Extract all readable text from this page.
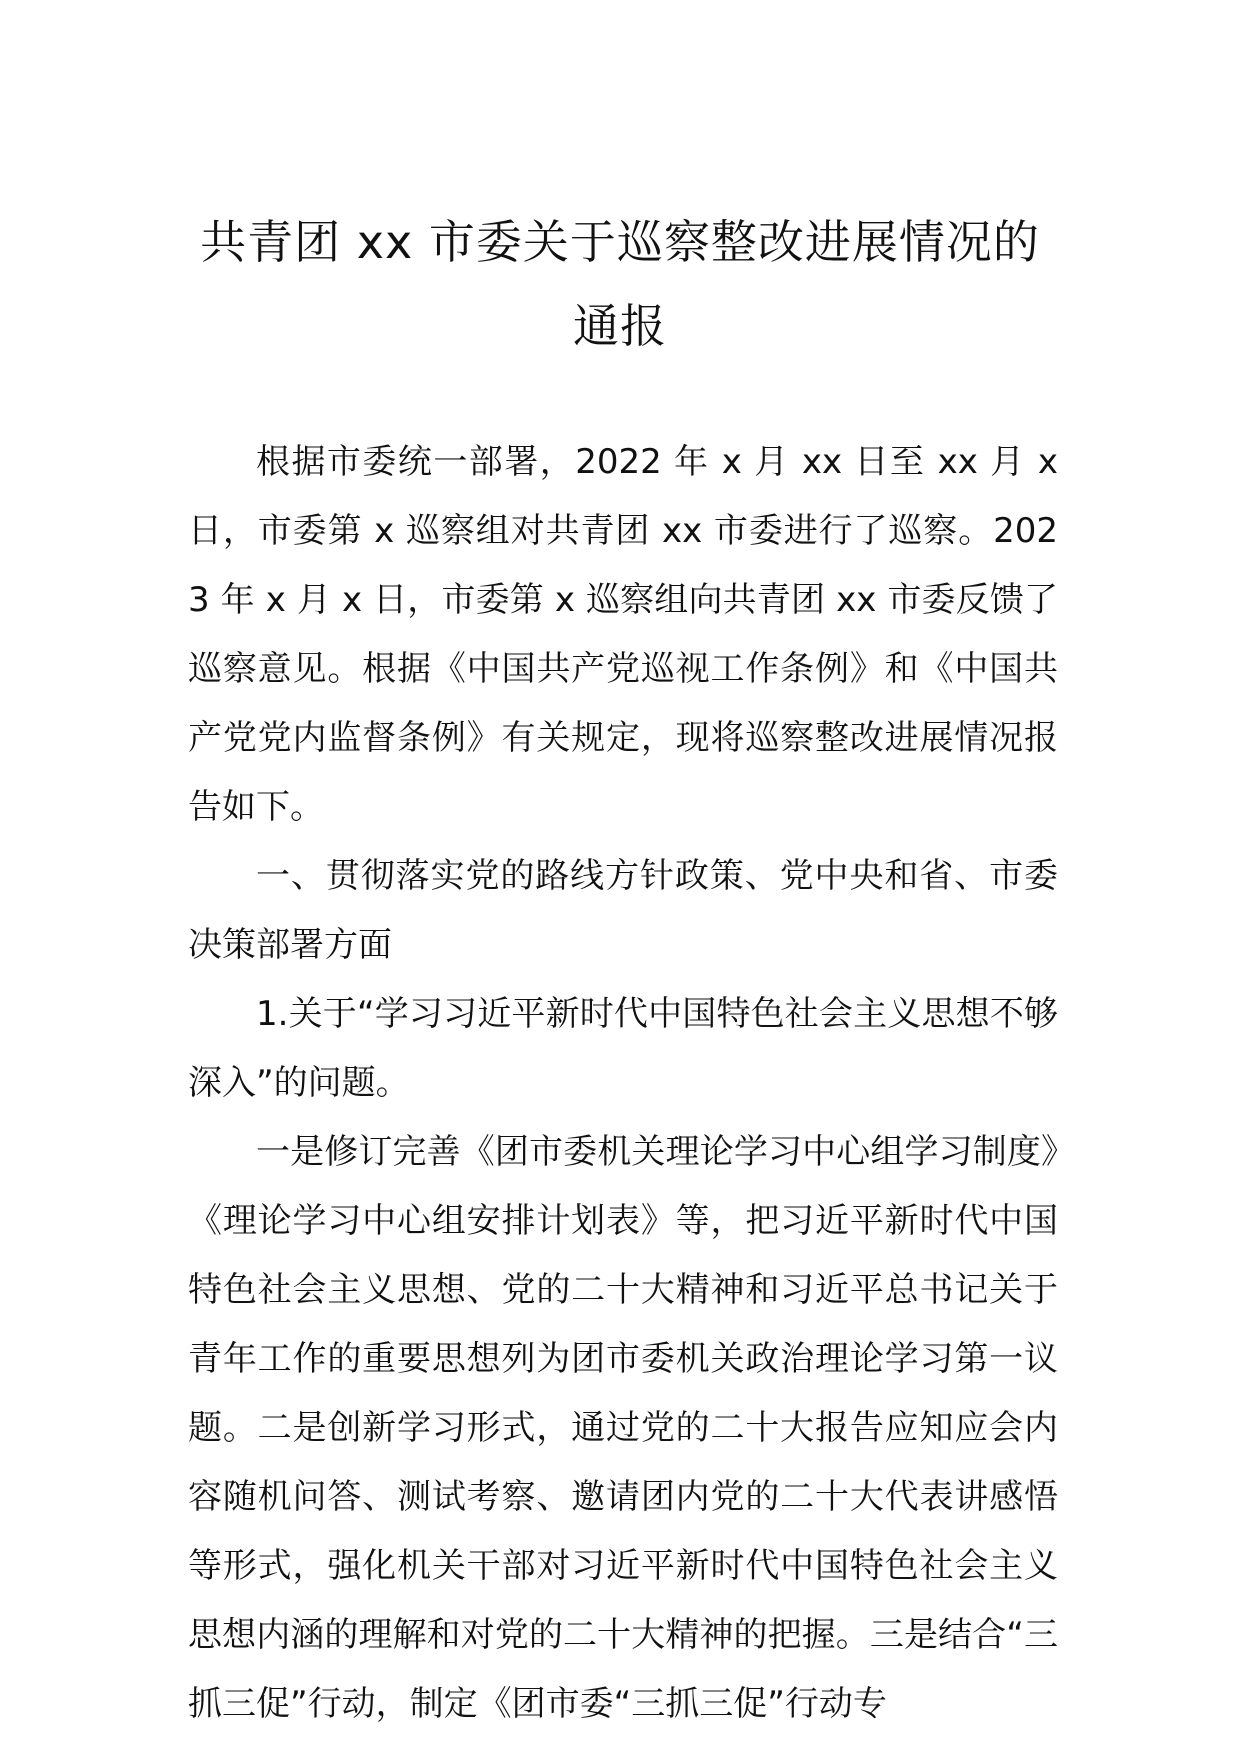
共青团 xx 市委关于巡察整改进展情况的通报

根据市委统一部署，2022 年 x 月 xx 日至 xx 月 x 日，市委第 x 巡察组对共青团 xx 市委进行了巡察。2023 年 x 月 x 日，市委第 x 巡察组向共青团 xx 市委反馈了巡察意见。根据《中国共产党巡视工作条例》和《中国共产党党内监督条例》有关规定，现将巡察整改进展情况报告如下。

一、贯彻落实党的路线方针政策、党中央和省、市委决策部署方面

1.关于“学习习近平新时代中国特色社会主义思想不够深入”的问题。

一是修订完善《团市委机关理论学习中心组学习制度》《理论学习中心组安排计划表》等，把习近平新时代中国特色社会主义思想、党的二十大精神和习近平总书记关于青年工作的重要思想列为团市委机关政治理论学习第一议题。二是创新学习形式，通过党的二十大报告应知应会内容随机问答、测试考察、邀请团内党的二十大代表讲感悟等形式，强化机关干部对习近平新时代中国特色社会主义思想内涵的理解和对党的二十大精神的把握。三是结合“三抓三促”行动，制定《团市委“三抓三促”行动专
